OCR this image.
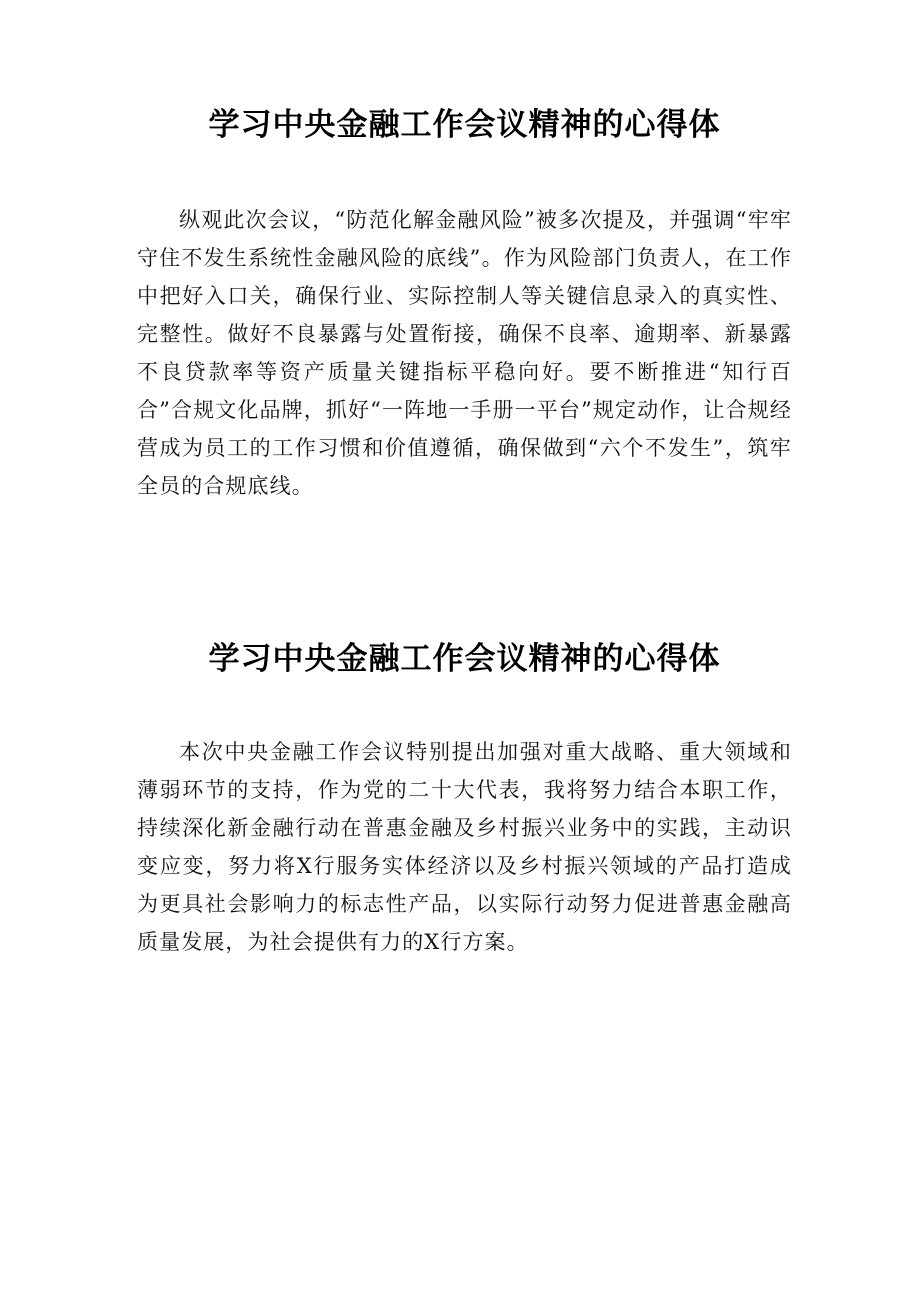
学习中央金融工作会议精神的心得体

纵观此次会议，“防范化解金融风险”被多次提及，并强调“牢牢守住不发生系统性金融风险的底线”。作为风险部门负责人，在工作中把好入口关，确保行业、实际控制人等关键信息录入的真实性、完整性。做好不良暴露与处置衔接，确保不良率、逾期率、新暴露不良贷款率等资产质量关键指标平稳向好。要不断推进“知行百合”合规文化品牌，抓好“一阵地一手册一平台”规定动作，让合规经营成为员工的工作习惯和价值遵循，确保做到“六个不发生”，筑牢全员的合规底线。

学习中央金融工作会议精神的心得体

本次中央金融工作会议特别提出加强对重大战略、重大领域和薄弱环节的支持，作为党的二十大代表，我将努力结合本职工作，持续深化新金融行动在普惠金融及乡村振兴业务中的实践，主动识变应变，努力将X行服务实体经济以及乡村振兴领域的产品打造成为更具社会影响力的标志性产品，以实际行动努力促进普惠金融高质量发展，为社会提供有力的X行方案。
